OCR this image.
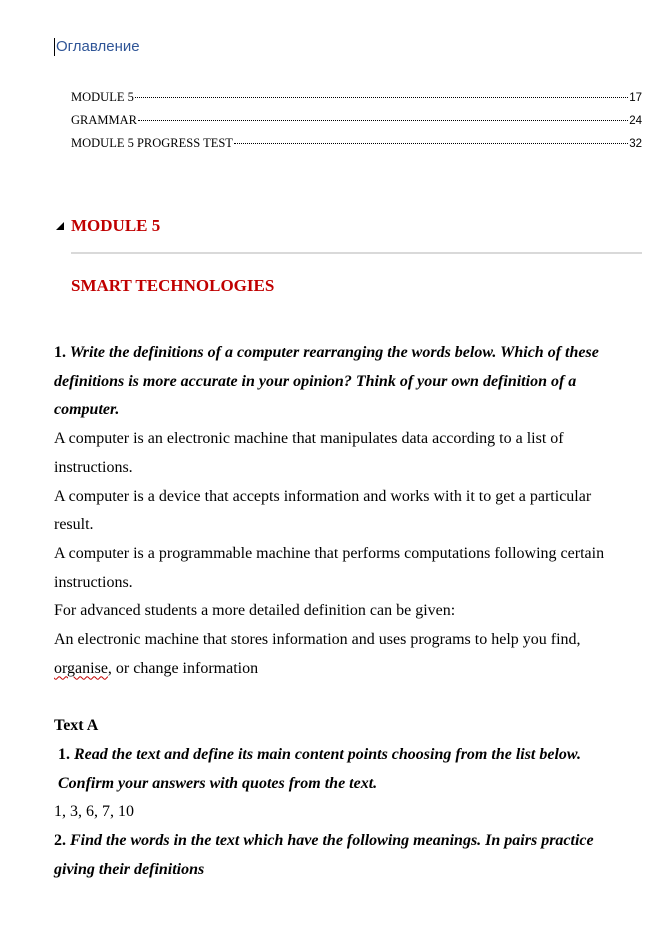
Оглавление
MODULE 5	17
GRAMMAR	24
MODULE 5 PROGRESS TEST	32
MODULE 5
SMART TECHNOLOGIES

1. Write the definitions of a computer rearranging the words below. Which of these definitions is more accurate in your opinion? Think of your own definition of a computer.

A computer is an electronic machine that manipulates data according to a list of instructions.

A computer is a device that accepts information and works with it to get a particular result.

A computer is a programmable machine that performs computations following certain instructions.

For advanced students a more detailed definition can be given:

An electronic machine that stores information and uses programs to help you find, organise, or change information

Text A

1. Read the text and define its main content points choosing from the list below. Confirm your answers with quotes from the text.

1, 3, 6, 7, 10

2. Find the words in the text which have the following meanings. In pairs practice giving their definitions
